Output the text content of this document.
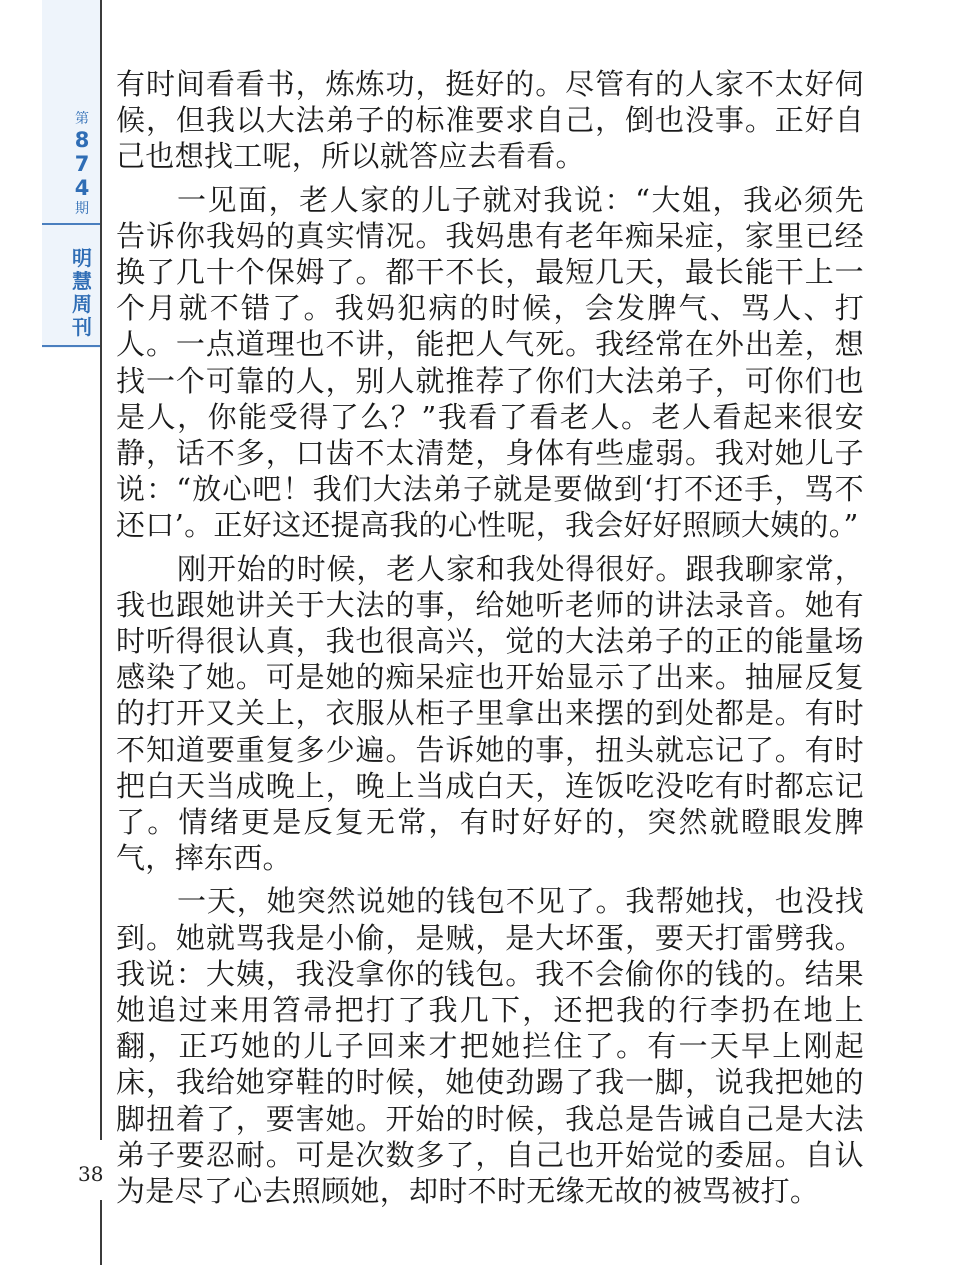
第
8
7
4
期
明
慧
周
刊

有时间看看书，炼炼功，挺好的。尽管有的人家不太好伺候，但我以大法弟子的标准要求自己，倒也没事。正好自己也想找工呢，所以就答应去看看。

一见面，老人家的儿子就对我说：“大姐，我必须先告诉你我妈的真实情况。我妈患有老年痴呆症，家里已经换了几十个保姆了。都干不长，最短几天，最长能干上一个月就不错了。我妈犯病的时候，会发脾气、骂人、打人。一点道理也不讲，能把人气死。我经常在外出差，想找一个可靠的人，别人就推荐了你们大法弟子，可你们也是人，你能受得了么？”我看了看老人。老人看起来很安静，话不多，口齿不太清楚，身体有些虚弱。我对她儿子说：“放心吧！我们大法弟子就是要做到‘打不还手，骂不还口’。正好这还提高我的心性呢，我会好好照顾大姨的。”

刚开始的时候，老人家和我处得很好。跟我聊家常，我也跟她讲关于大法的事，给她听老师的讲法录音。她有时听得很认真，我也很高兴，觉的大法弟子的正的能量场感染了她。可是她的痴呆症也开始显示了出来。抽屉反复的打开又关上，衣服从柜子里拿出来摆的到处都是。有时不知道要重复多少遍。告诉她的事，扭头就忘记了。有时把白天当成晚上，晚上当成白天，连饭吃没吃有时都忘记了。情绪更是反复无常，有时好好的，突然就瞪眼发脾气，摔东西。

一天，她突然说她的钱包不见了。我帮她找，也没找到。她就骂我是小偷，是贼，是大坏蛋，要天打雷劈我。我说：大姨，我没拿你的钱包。我不会偷你的钱的。结果她追过来用笤帚把打了我几下，还把我的行李扔在地上翻，正巧她的儿子回来才把她拦住了。有一天早上刚起床，我给她穿鞋的时候，她使劲踢了我一脚，说我把她的脚扭着了，要害她。开始的时候，我总是告诫自己是大法弟子要忍耐。可是次数多了，自己也开始觉的委屈。自认为是尽了心去照顾她，却时不时无缘无故的被骂被打。

38
